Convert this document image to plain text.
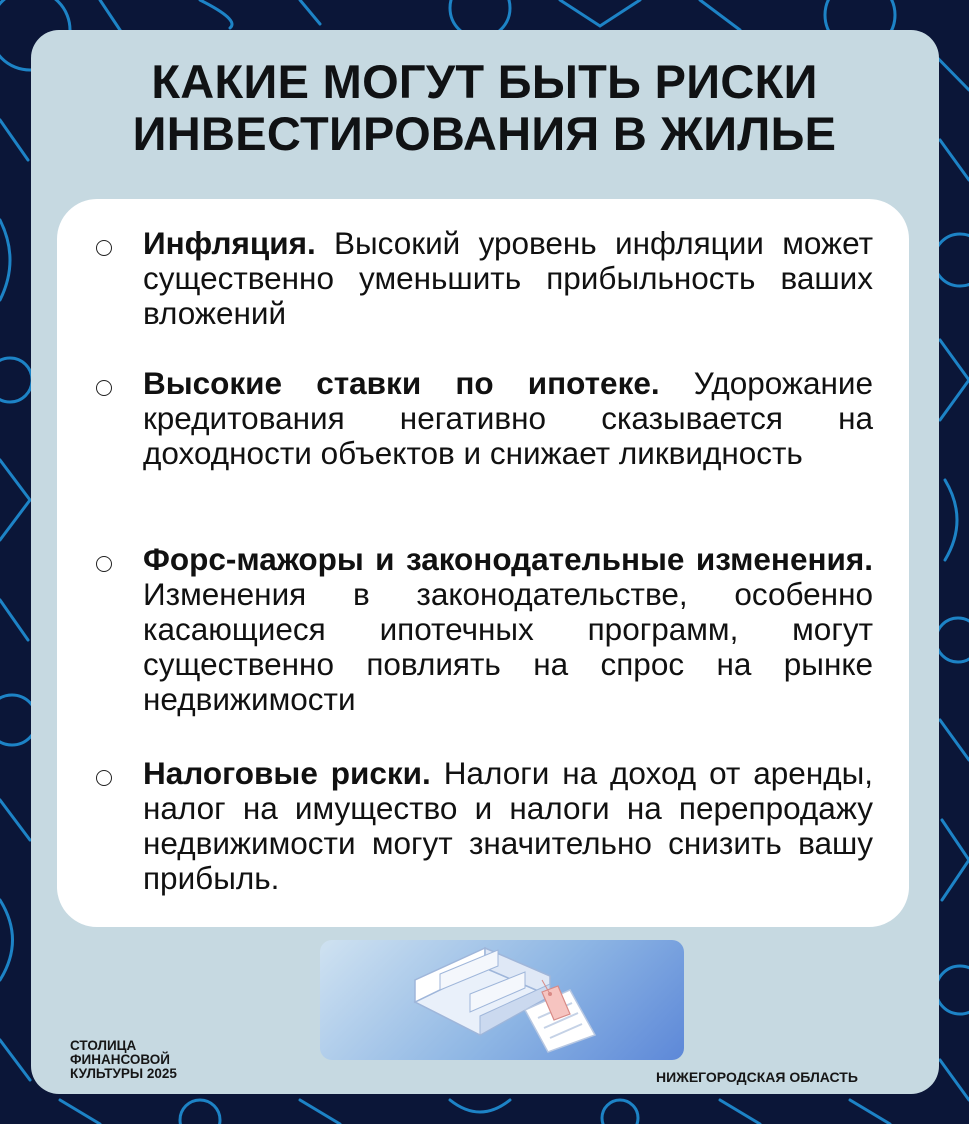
КАКИЕ МОГУТ БЫТЬ РИСКИ
ИНВЕСТИРОВАНИЯ В ЖИЛЬЕ

Инфляция. Высокий уровень инфляции может существенно уменьшить прибыльность ваших вложений

Высокие ставки по ипотеке. Удорожание кредитования негативно сказывается на доходности объектов и снижает ликвидность

Форс-мажоры и законодательные изменения. Изменения в законодательстве, особенно касающиеся ипотечных программ, могут существенно повлиять на спрос на рынке недвижимости

Налоговые риски. Налоги на доход от аренды, налог на имущество и налоги на перепродажу недвижимости могут значительно снизить вашу прибыль.

СТОЛИЦА
ФИНАНСОВОЙ
КУЛЬТУРЫ 2025	НИЖЕГОРОДСКАЯ ОБЛАСТЬ
